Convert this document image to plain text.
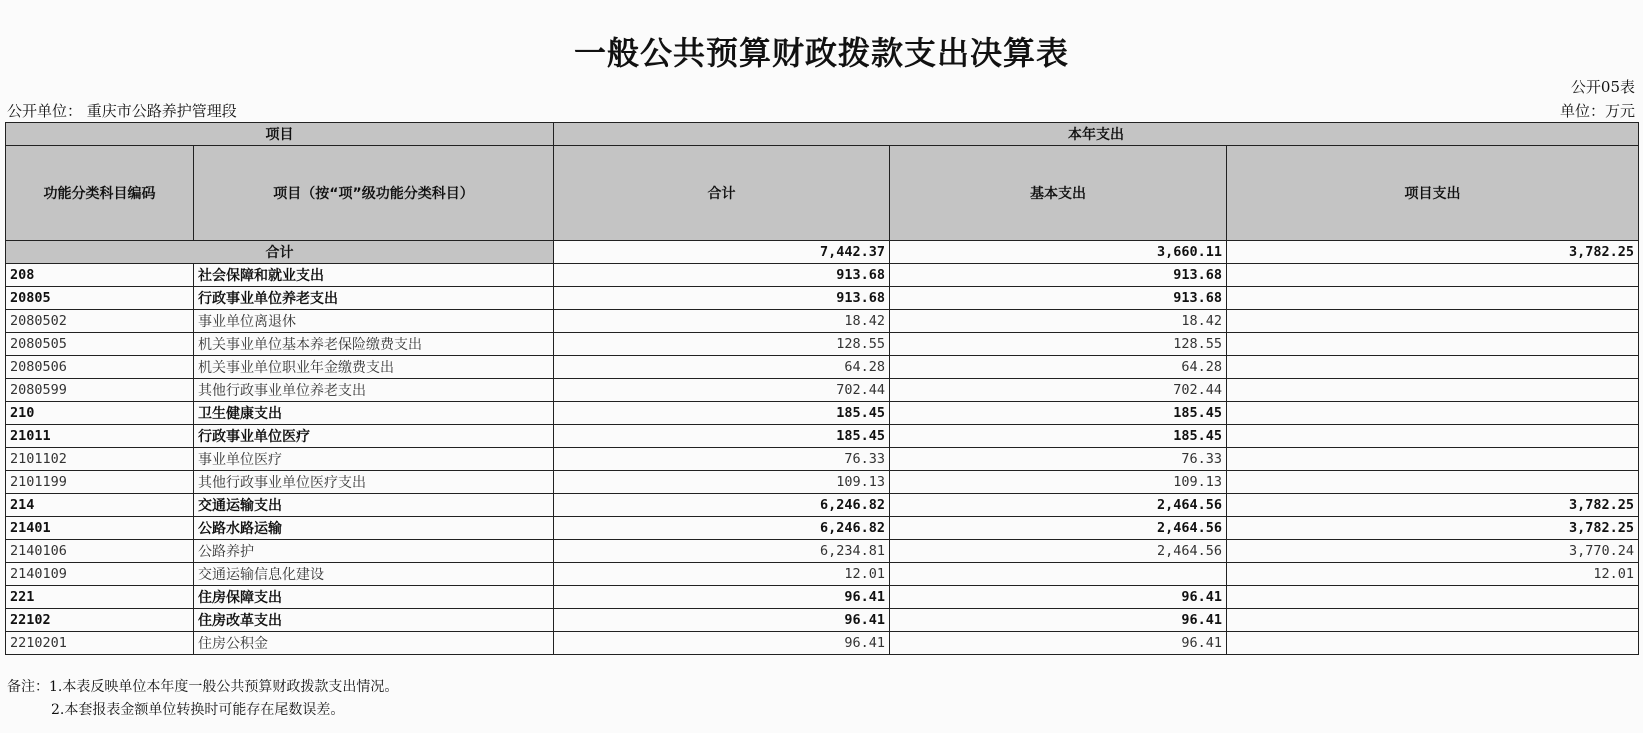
一般公共预算财政拨款支出决算表
公开05表
公开单位： 重庆市公路养护管理段	单位：万元
项目		本年支出		
功能分类科目编码	项目（按“项”级功能分类科目）	合计	基本支出	项目支出
合计		7,442.37	3,660.11	3,782.25
208	社会保障和就业支出	913.68	913.68	
20805	行政事业单位养老支出	913.68	913.68	
2080502	事业单位离退休	18.42	18.42	
2080505	机关事业单位基本养老保险缴费支出	128.55	128.55	
2080506	机关事业单位职业年金缴费支出	64.28	64.28	
2080599	其他行政事业单位养老支出	702.44	702.44	
210	卫生健康支出	185.45	185.45	
21011	行政事业单位医疗	185.45	185.45	
2101102	事业单位医疗	76.33	76.33	
2101199	其他行政事业单位医疗支出	109.13	109.13	
214	交通运输支出	6,246.82	2,464.56	3,782.25
21401	公路水路运输	6,246.82	2,464.56	3,782.25
2140106	公路养护	6,234.81	2,464.56	3,770.24
2140109	交通运输信息化建设	12.01		12.01
221	住房保障支出	96.41	96.41	
22102	住房改革支出	96.41	96.41	
2210201	住房公积金	96.41	96.41	
备注：1.本表反映单位本年度一般公共预算财政拨款支出情况。
2.本套报表金额单位转换时可能存在尾数误差。
